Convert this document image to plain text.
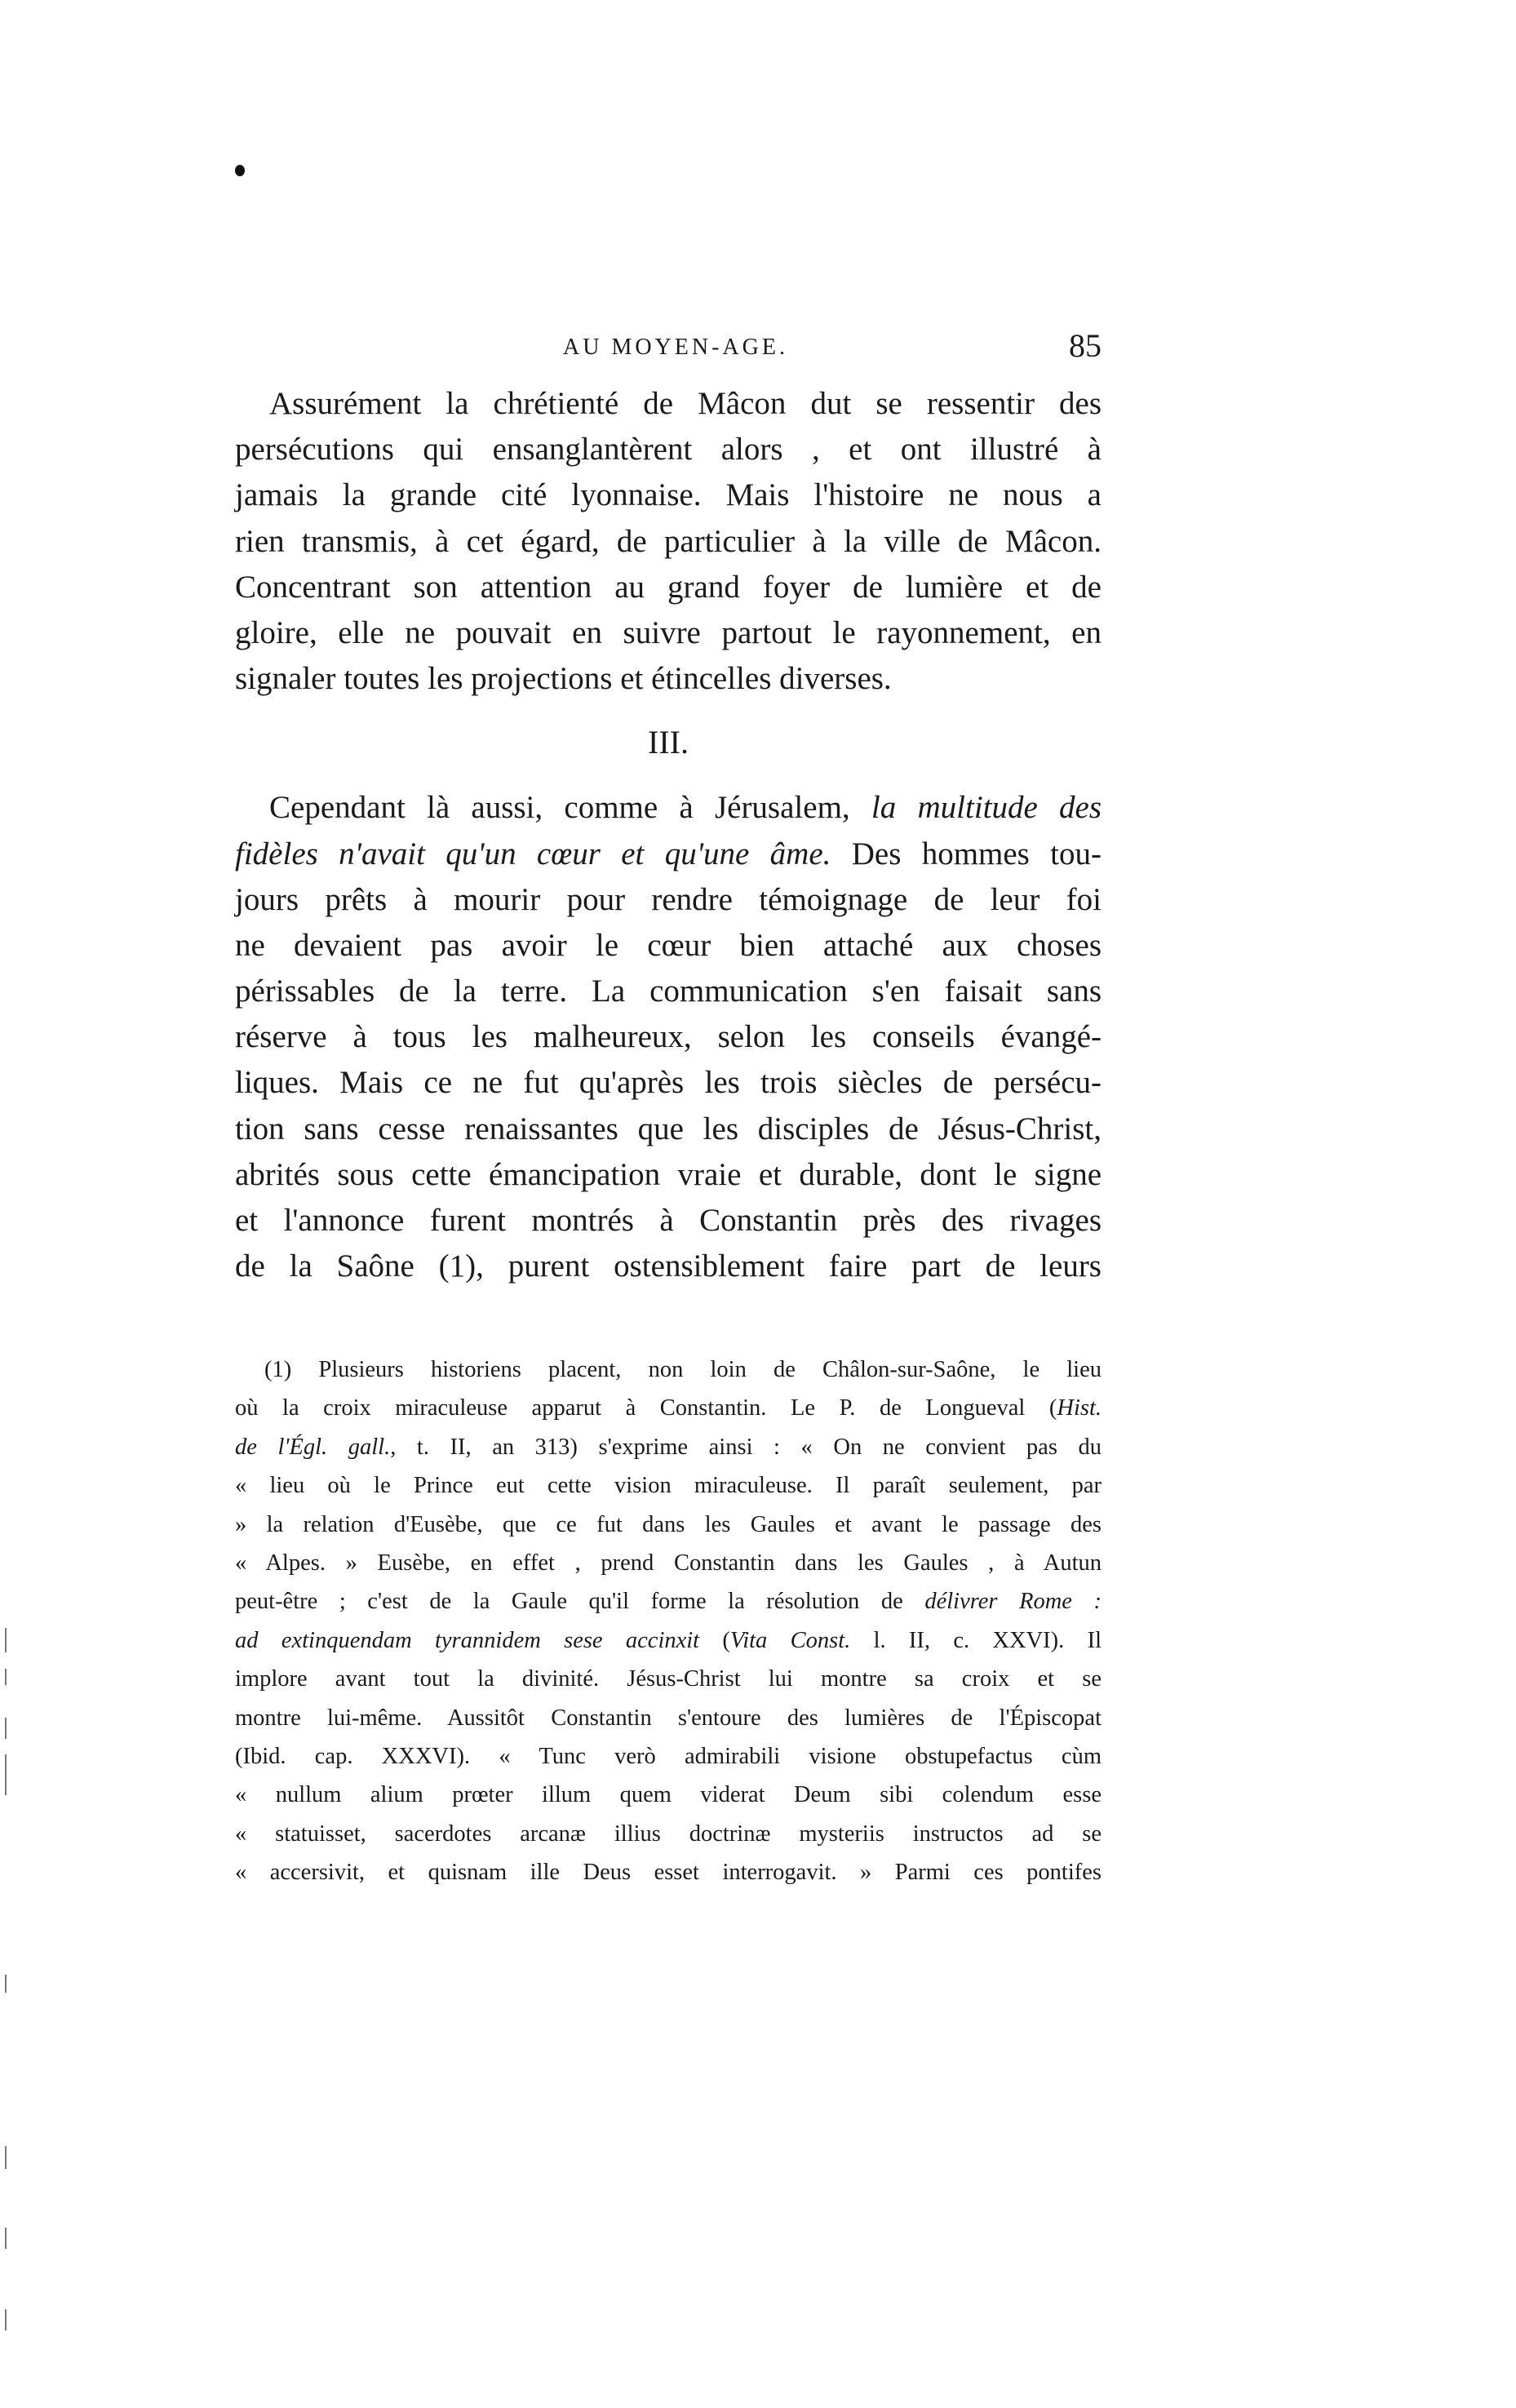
AU MOYEN-AGE.	85

Assurément la chrétienté de Mâcon dut se ressentir des
persécutions qui ensanglantèrent alors , et ont illustré à
jamais la grande cité lyonnaise. Mais l'histoire ne nous a
rien transmis, à cet égard, de particulier à la ville de Mâcon.
Concentrant son attention au grand foyer de lumière et de
gloire, elle ne pouvait en suivre partout le rayonnement, en
signaler toutes les projections et étincelles diverses.

III.

Cependant là aussi, comme à Jérusalem, la multitude des
fidèles n'avait qu'un cœur et qu'une âme. Des hommes tou-
jours prêts à mourir pour rendre témoignage de leur foi
ne devaient pas avoir le cœur bien attaché aux choses
périssables de la terre. La communication s'en faisait sans
réserve à tous les malheureux, selon les conseils évangé-
liques. Mais ce ne fut qu'après les trois siècles de persécu-
tion sans cesse renaissantes que les disciples de Jésus-Christ,
abrités sous cette émancipation vraie et durable, dont le signe
et l'annonce furent montrés à Constantin près des rivages
de la Saône (1), purent ostensiblement faire part de leurs

(1) Plusieurs historiens placent, non loin de Châlon-sur-Saône, le lieu
où la croix miraculeuse apparut à Constantin. Le P. de Longueval (Hist.
de l'Égl. gall., t. II, an 313) s'exprime ainsi : « On ne convient pas du
« lieu où le Prince eut cette vision miraculeuse. Il paraît seulement, par
» la relation d'Eusèbe, que ce fut dans les Gaules et avant le passage des
« Alpes. » Eusèbe, en effet , prend Constantin dans les Gaules , à Autun
peut-être ; c'est de la Gaule qu'il forme la résolution de délivrer Rome :
ad extinquendam tyrannidem sese accinxit (Vita Const. l. II, c. XXVI). Il
implore avant tout la divinité. Jésus-Christ lui montre sa croix et se
montre lui-même. Aussitôt Constantin s'entoure des lumières de l'Épiscopat
(Ibid. cap. XXXVI). « Tunc verò admirabili visione obstupefactus cùm
« nullum alium prœter illum quem viderat Deum sibi colendum esse
« statuisset, sacerdotes arcanæ illius doctrinæ mysteriis instructos ad se
« accersivit, et quisnam ille Deus esset interrogavit. » Parmi ces pontifes
